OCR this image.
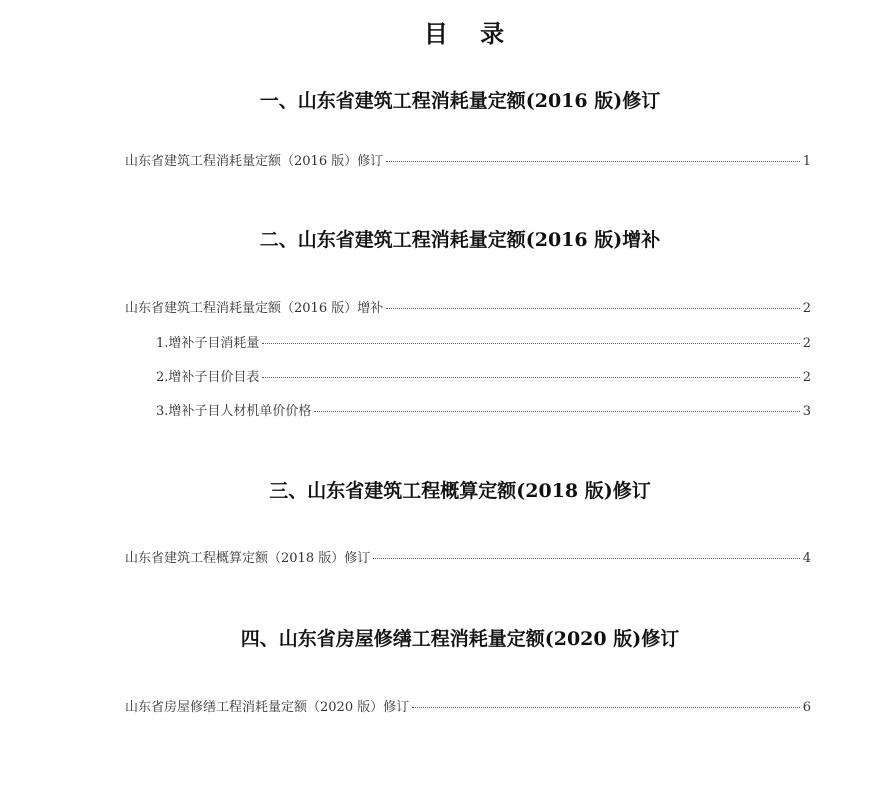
目 录
一、山东省建筑工程消耗量定额(2016 版)修订
山东省建筑工程消耗量定额（2016 版）修订	1
二、山东省建筑工程消耗量定额(2016 版)增补
山东省建筑工程消耗量定额（2016 版）增补	2
1.增补子目消耗量	2
2.增补子目价目表	2
3.增补子目人材机单价价格	3
三、山东省建筑工程概算定额(2018 版)修订
山东省建筑工程概算定额（2018 版）修订	4
四、山东省房屋修缮工程消耗量定额(2020 版)修订
山东省房屋修缮工程消耗量定额（2020 版）修订	6
